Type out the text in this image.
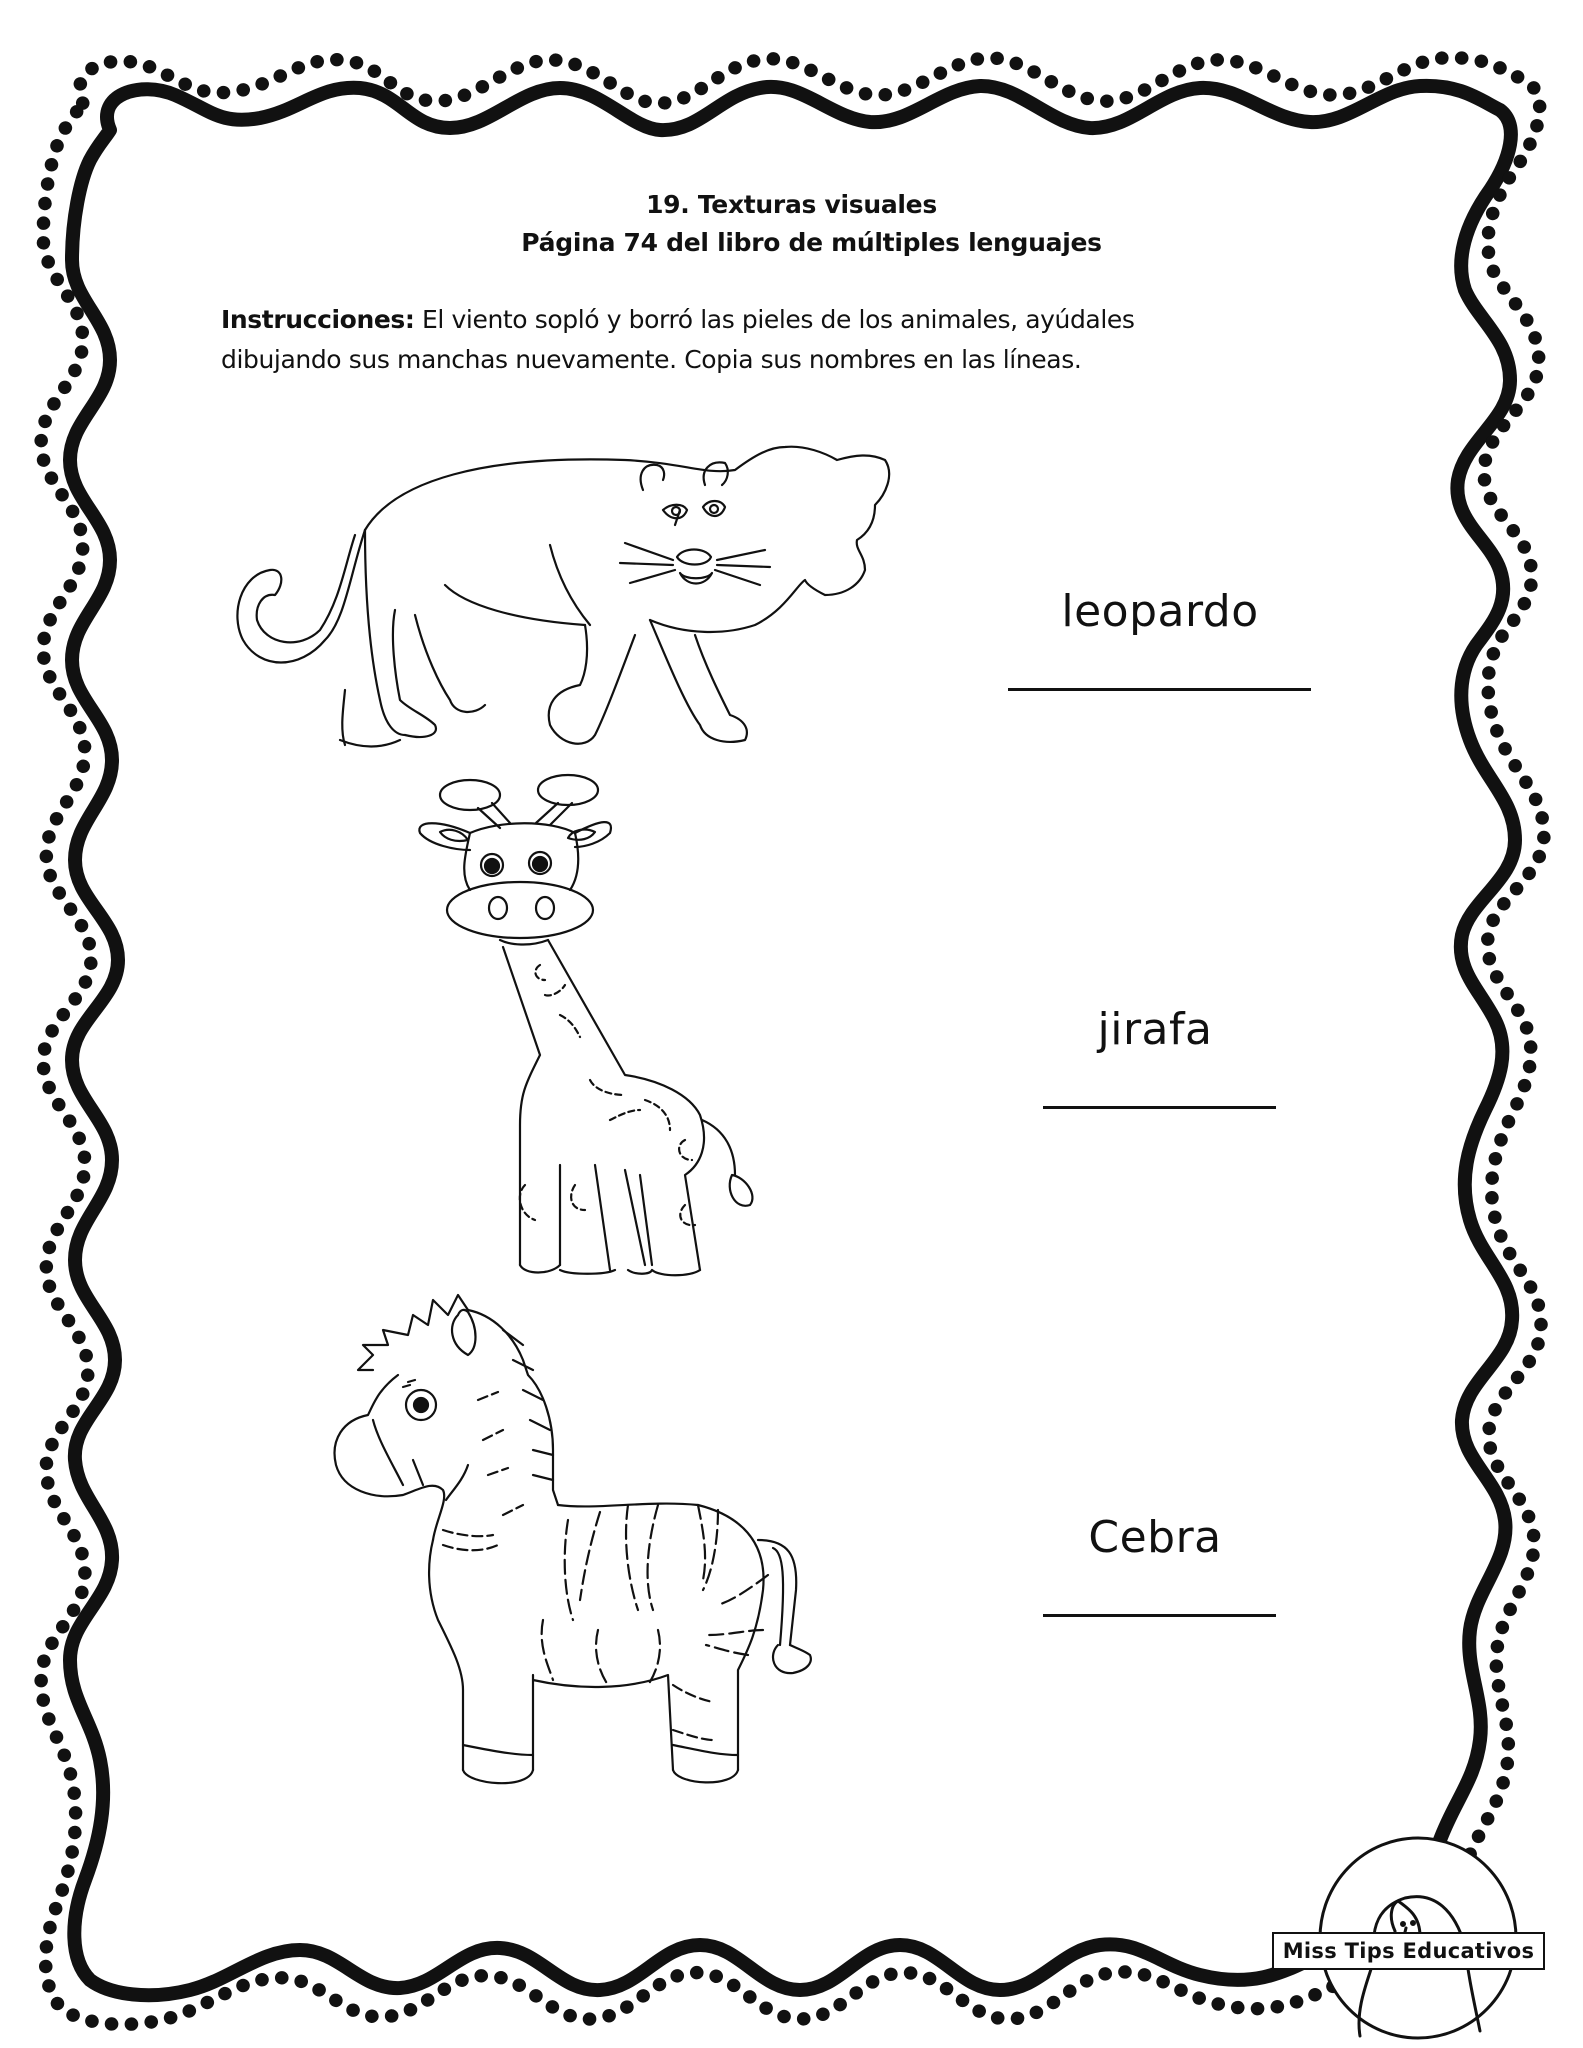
19. Texturas visuales
Página 74 del libro de múltiples lenguajes
Instrucciones: El viento sopló y borró las pieles de los animales, ayúdales
dibujando sus manchas nuevamente. Copia sus nombres en las líneas.
leopardo
jirafa
Cebra
Miss Tips Educativos
